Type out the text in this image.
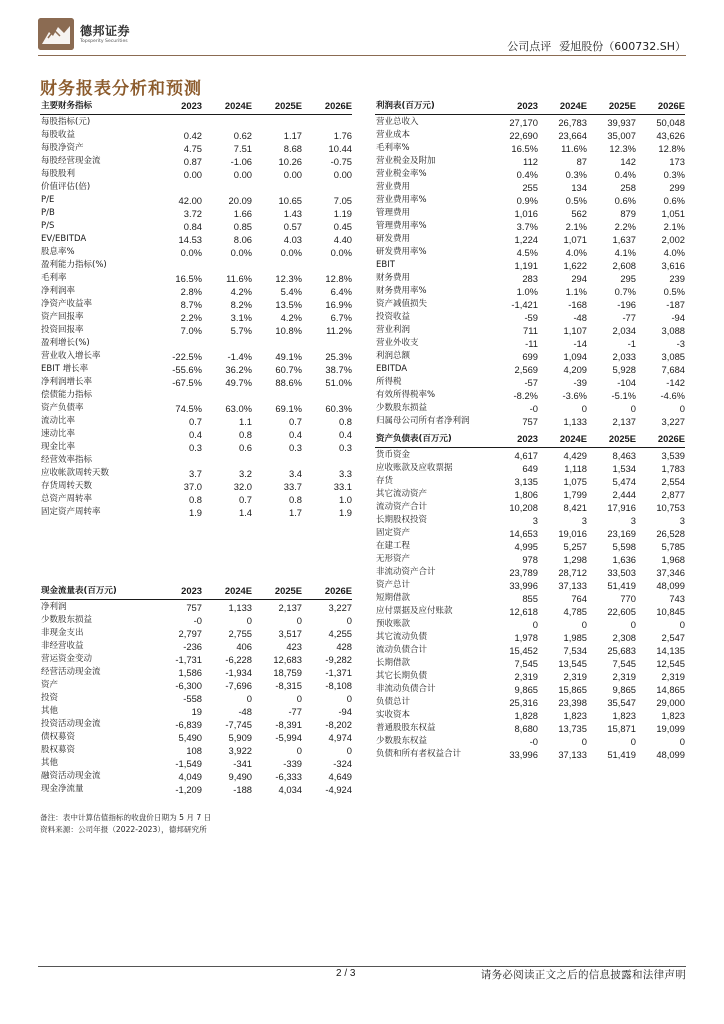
德邦证券
Topsperity Securities	公司点评 爱旭股份（600732.SH）
财务报表分析和预测
主要财务指标	2023	2024E	2025E	2026E
每股指标(元)				
每股收益	0.42	0.62	1.17	1.76
每股净资产	4.75	7.51	8.68	10.44
每股经营现金流	0.87	-1.06	10.26	-0.75
每股股利	0.00	0.00	0.00	0.00
价值评估(倍)				
P/E	42.00	20.09	10.65	7.05
P/B	3.72	1.66	1.43	1.19
P/S	0.84	0.85	0.57	0.45
EV/EBITDA	14.53	8.06	4.03	4.40
股息率%	0.0%	0.0%	0.0%	0.0%
盈利能力指标(%)				
毛利率	16.5%	11.6%	12.3%	12.8%
净利润率	2.8%	4.2%	5.4%	6.4%
净资产收益率	8.7%	8.2%	13.5%	16.9%
资产回报率	2.2%	3.1%	4.2%	6.7%
投资回报率	7.0%	5.7%	10.8%	11.2%
盈利增长(%)				
营业收入增长率	-22.5%	-1.4%	49.1%	25.3%
EBIT 增长率	-55.6%	36.2%	60.7%	38.7%
净利润增长率	-67.5%	49.7%	88.6%	51.0%
偿债能力指标				
资产负债率	74.5%	63.0%	69.1%	60.3%
流动比率	0.7	1.1	0.7	0.8
速动比率	0.4	0.8	0.4	0.4
现金比率	0.3	0.6	0.3	0.3
经营效率指标				
应收帐款周转天数	3.7	3.2	3.4	3.3
存货周转天数	37.0	32.0	33.7	33.1
总资产周转率	0.8	0.7	0.8	1.0
固定资产周转率	1.9	1.4	1.7	1.9
利润表(百万元)	2023	2024E	2025E	2026E
营业总收入	27,170	26,783	39,937	50,048
营业成本	22,690	23,664	35,007	43,626
毛利率%	16.5%	11.6%	12.3%	12.8%
营业税金及附加	112	87	142	173
营业税金率%	0.4%	0.3%	0.4%	0.3%
营业费用	255	134	258	299
营业费用率%	0.9%	0.5%	0.6%	0.6%
管理费用	1,016	562	879	1,051
管理费用率%	3.7%	2.1%	2.2%	2.1%
研发费用	1,224	1,071	1,637	2,002
研发费用率%	4.5%	4.0%	4.1%	4.0%
EBIT	1,191	1,622	2,608	3,616
财务费用	283	294	295	239
财务费用率%	1.0%	1.1%	0.7%	0.5%
资产减值损失	-1,421	-168	-196	-187
投资收益	-59	-48	-77	-94
营业利润	711	1,107	2,034	3,088
营业外收支	-11	-14	-1	-3
利润总额	699	1,094	2,033	3,085
EBITDA	2,569	4,209	5,928	7,684
所得税	-57	-39	-104	-142
有效所得税率%	-8.2%	-3.6%	-5.1%	-4.6%
少数股东损益	-0	0	0	0
归属母公司所有者净利润	757	1,133	2,137	3,227
资产负债表(百万元)	2023	2024E	2025E	2026E
货币资金	4,617	4,429	8,463	3,539
应收账款及应收票据	649	1,118	1,534	1,783
存货	3,135	1,075	5,474	2,554
其它流动资产	1,806	1,799	2,444	2,877
流动资产合计	10,208	8,421	17,916	10,753
长期股权投资	3	3	3	3
固定资产	14,653	19,016	23,169	26,528
在建工程	4,995	5,257	5,598	5,785
无形资产	978	1,298	1,636	1,968
非流动资产合计	23,789	28,712	33,503	37,346
资产总计	33,996	37,133	51,419	48,099
短期借款	855	764	770	743
应付票据及应付账款	12,618	4,785	22,605	10,845
预收账款	0	0	0	0
其它流动负债	1,978	1,985	2,308	2,547
流动负债合计	15,452	7,534	25,683	14,135
长期借款	7,545	13,545	7,545	12,545
其它长期负债	2,319	2,319	2,319	2,319
非流动负债合计	9,865	15,865	9,865	14,865
负债总计	25,316	23,398	35,547	29,000
实收资本	1,828	1,823	1,823	1,823
普通股股东权益	8,680	13,735	15,871	19,099
少数股东权益	-0	0	0	0
负债和所有者权益合计	33,996	37,133	51,419	48,099
现金流量表(百万元)	2023	2024E	2025E	2026E
净利润	757	1,133	2,137	3,227
少数股东损益	-0	0	0	0
非现金支出	2,797	2,755	3,517	4,255
非经营收益	-236	406	423	428
营运资金变动	-1,731	-6,228	12,683	-9,282
经营活动现金流	1,586	-1,934	18,759	-1,371
资产	-6,300	-7,696	-8,315	-8,108
投资	-558	0	0	0
其他	19	-48	-77	-94
投资活动现金流	-6,839	-7,745	-8,391	-8,202
债权募资	5,490	5,909	-5,994	4,974
股权募资	108	3,922	0	0
其他	-1,549	-341	-339	-324
融资活动现金流	4,049	9,490	-6,333	4,649
现金净流量	-1,209	-188	4,034	-4,924
备注：表中计算估值指标的收盘价日期为 5 月 7 日
资料来源：公司年报（2022-2023），德邦研究所
2 / 3	请务必阅读正文之后的信息披露和法律声明
